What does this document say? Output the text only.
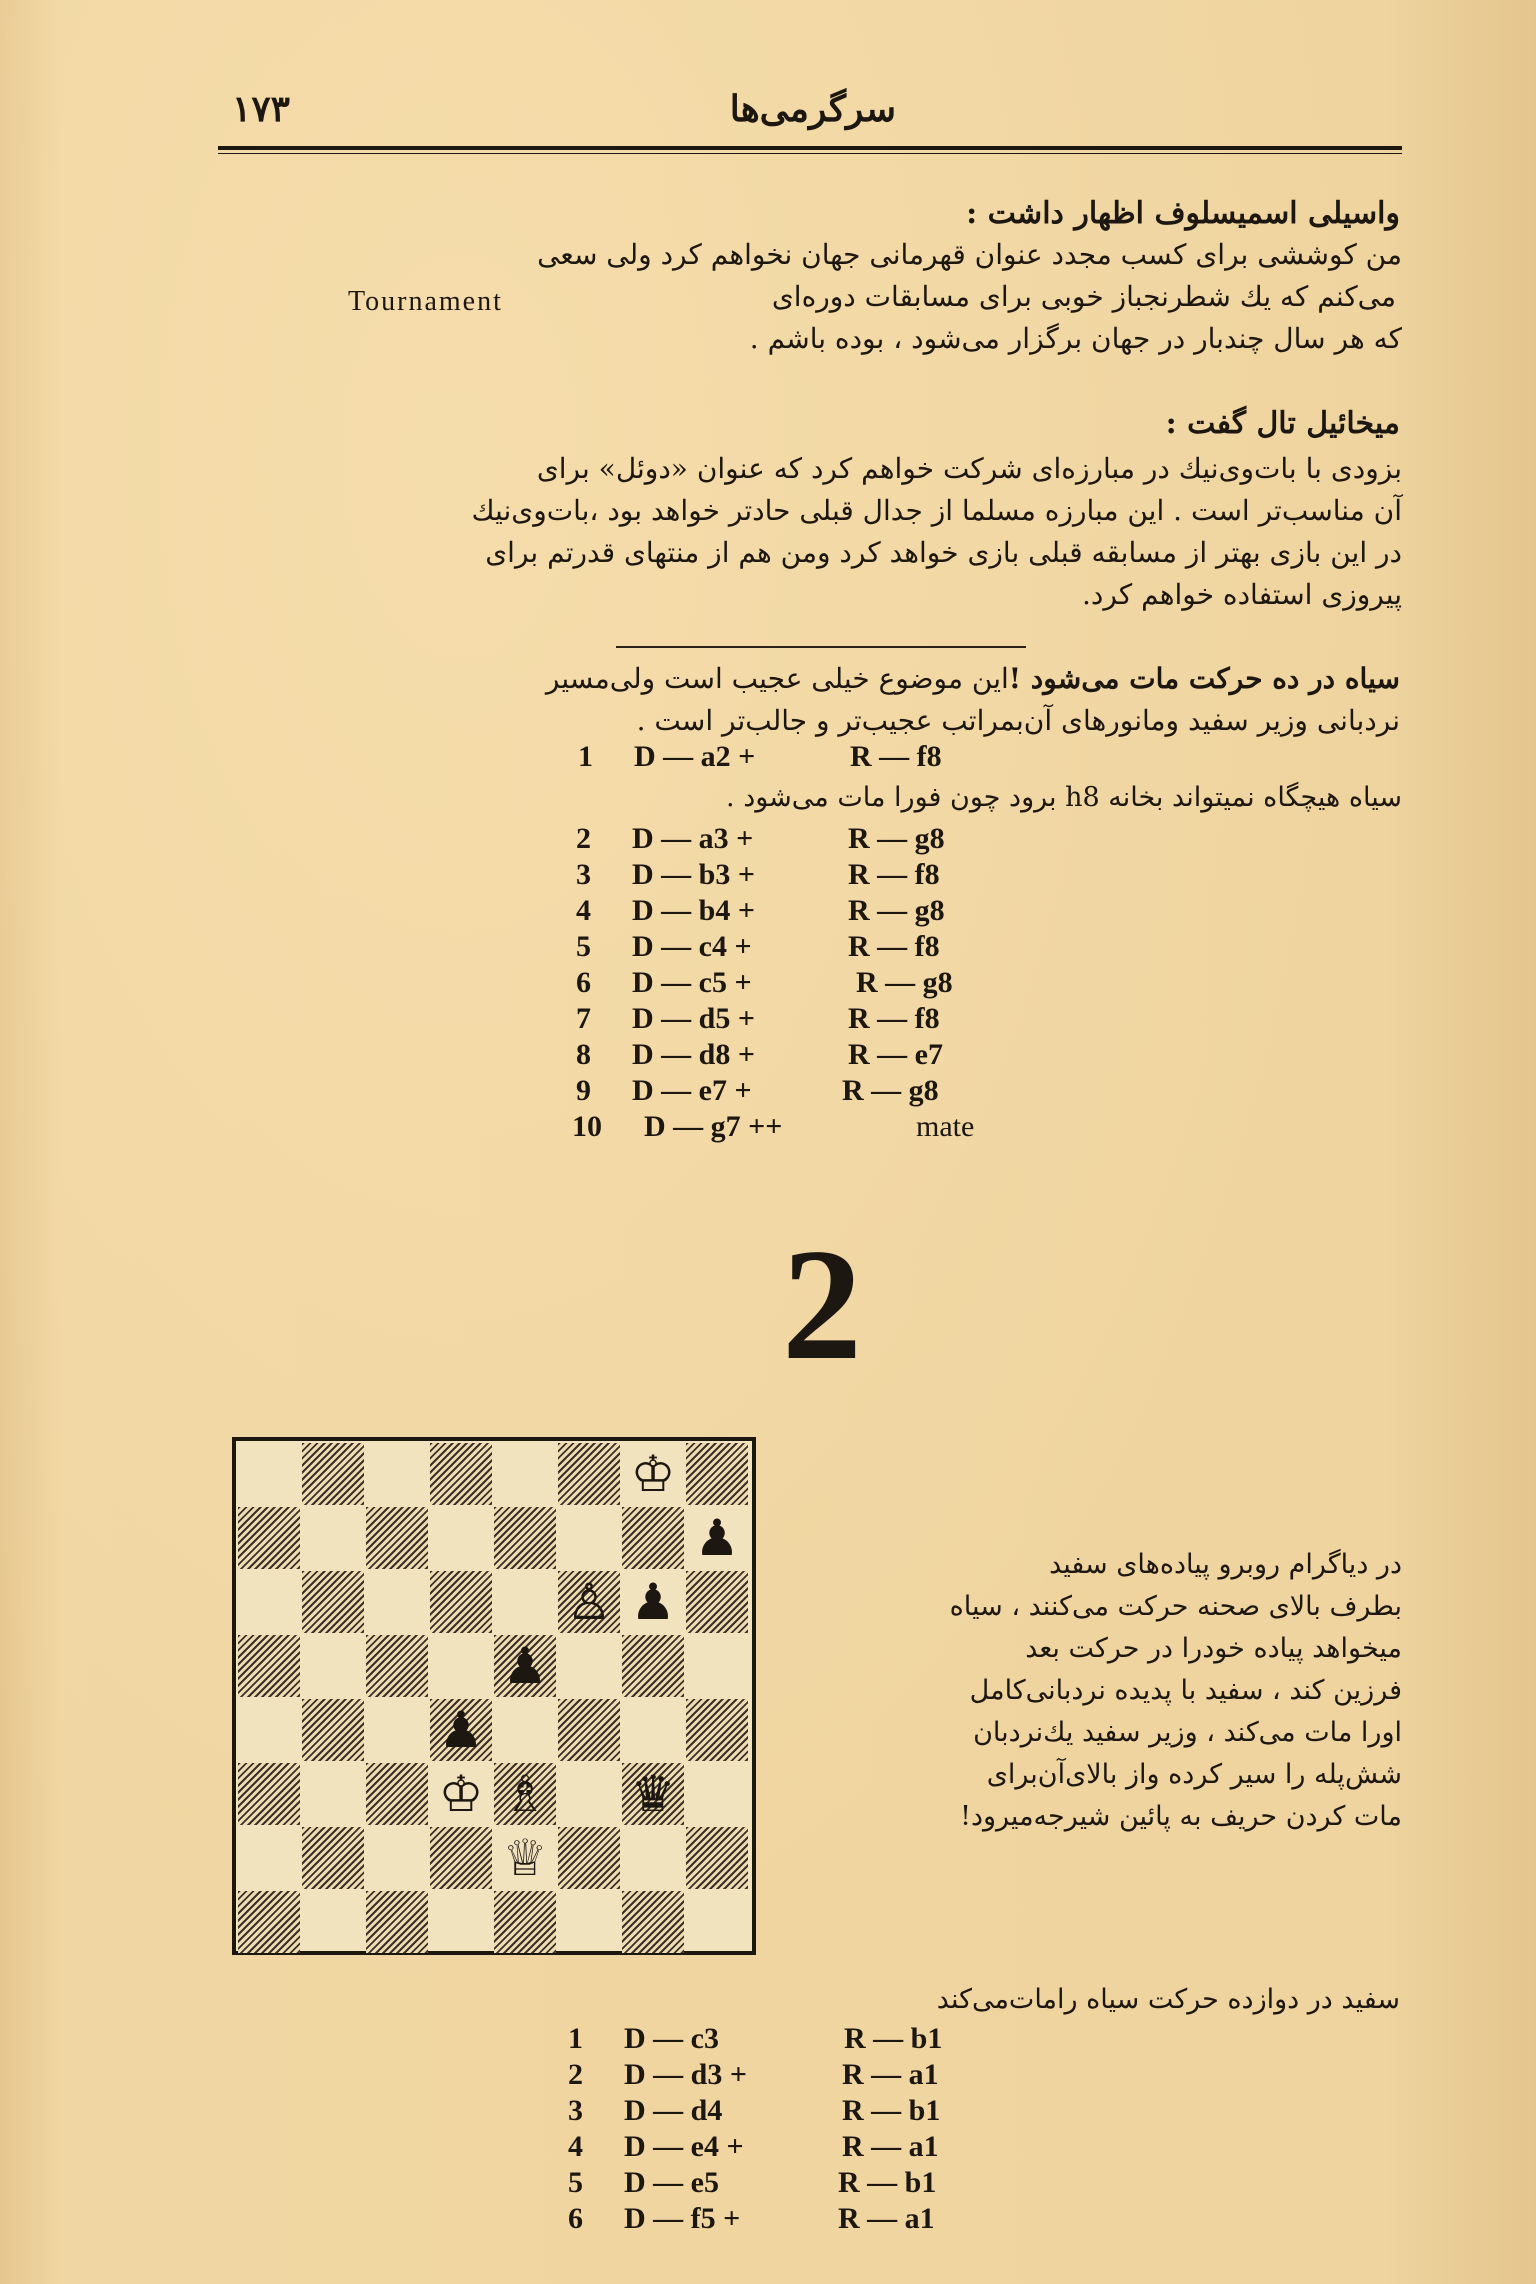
۱۷۳	سرگرمی‌ها
واسیلی اسمیسلوف اظهار داشت :

من کوششی برای کسب مجدد عنوان قهرمانی جهان نخواهم کرد ولی سعی

می‌کنم که یك شطرنجباز خوبی برای مسابقات دوره‌ای

که هر سال چندبار در جهان برگزار می‌شود ، بوده باشم .

Tournament
میخائیل تال گفت :

بزودی با بات‌وی‌نیك در مبارزه‌ای شرکت خواهم کرد که عنوان «دوئل» برای

آن مناسب‌تر است . این مبارزه مسلما از جدال قبلی حادتر خواهد بود ،بات‌وی‌نیك

در این بازی بهتر از مسابقه قبلی بازی خواهد کرد ومن هم از منتهای قدرتم برای

پیروزی استفاده خواهم کرد.

سیاه در ده حرکت مات می‌شود !این موضوع خیلی عجیب است ولی‌مسیر
نردبانی وزیر سفید ومانورهای آن‌بمراتب عجیب‌تر و جالب‌تر است .
1 D — a2 +	R — f8
سیاه هیچگاه نمیتواند بخانه h8 برود چون فورا مات می‌شود .
2 D — a3 +	R — g8
3 D — b3 +	R — f8
4 D — b4 +	R — g8
5 D — c4 +	R — f8
6 D — c5 +	R — g8
7 D — d5 +	R — f8
8 D — d8 +	R — e7
9 D — e7 +	R — g8
10 D — g7 ++	mate
2
♔
♟
♙ ♟
♟
♟
♔ ♗ ♛
♕
در دیاگرام روبرو پیاده‌های سفید
بطرف بالای صحنه حرکت می‌کنند ، سیاه
میخواهد پیاده خودرا در حرکت بعد
فرزین کند ، سفید با پدیده نردبانی‌کامل
اورا مات می‌کند ، وزیر سفید یك‌نردبان
شش‌پله را سیر کرده واز بالای‌آن‌برای
مات کردن حریف به پائین شیرجه‌میرود!
سفید در دوازده حرکت سیاه رامات‌می‌کند
1 D — c3	R — b1
2 D — d3 +	R — a1
3 D — d4	R — b1
4 D — e4 +	R — a1
5 D — e5	R — b1
6 D — f5 +	R — a1
